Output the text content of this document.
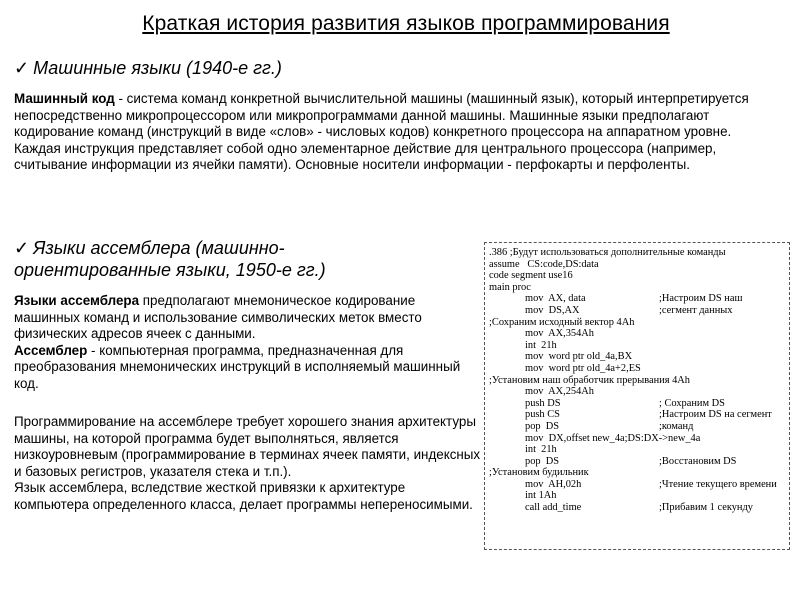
Краткая история развития языков программирования
✓ Машинные языки (1940-е гг.)
Машинный код - система команд конкретной вычислительной машины (машинный язык), который интерпретируется непосредственно микропроцессором или микропрограммами данной машины. Машинные языки предполагают кодирование команд (инструкций в виде «слов» - числовых кодов) конкретного процессора на аппаратном уровне. Каждая инструкция представляет собой одно элементарное действие для центрального процессора (например, считывание информации из ячейки памяти). Основные носители информации - перфокарты и перфоленты.
✓ Языки ассемблера (машинно-
ориентированные языки, 1950-е гг.)
Языки ассемблера предполагают мнемоническое кодирование машинных команд и использование символических меток вместо физических адресов ячеек с данными.
Ассемблер - компьютерная программа, предназначенная для преобразования мнемонических инструкций в исполняемый машинный код.
Программирование на ассемблере требует хорошего знания архитектуры машины, на которой программа будет выполняться, является низкоуровневым (программирование в терминах ячеек памяти, индексных и базовых регистров, указателя стека и т.п.).
Язык ассемблера, вследствие жесткой привязки к архитектуре компьютера определенного класса, делает программы непереносимыми.
.386 ;Будут использоваться дополнительные команды
assume   CS:code,DS:data
code segment use16
main proc
mov  AX, data	;Настроим DS наш
mov  DS,AX	;сегмент данных
;Сохраним исходный вектор 4Ah
mov  AX,354Ah
int  21h
mov  word ptr old_4a,BX
mov  word ptr old_4a+2,ES
;Установим наш обработчик прерывания 4Ah
mov  AX,254Ah
push DS	; Сохраним DS
push CS	;Настроим DS на сегмент
pop  DS	;команд
mov  DX,offset new_4a;DS:DX->new_4a
int  21h
pop  DS	;Восстановим DS
;Установим будильник
mov  AH,02h	;Чтение текущего времени
int 1Ah
call add_time	;Прибавим 1 секунду
